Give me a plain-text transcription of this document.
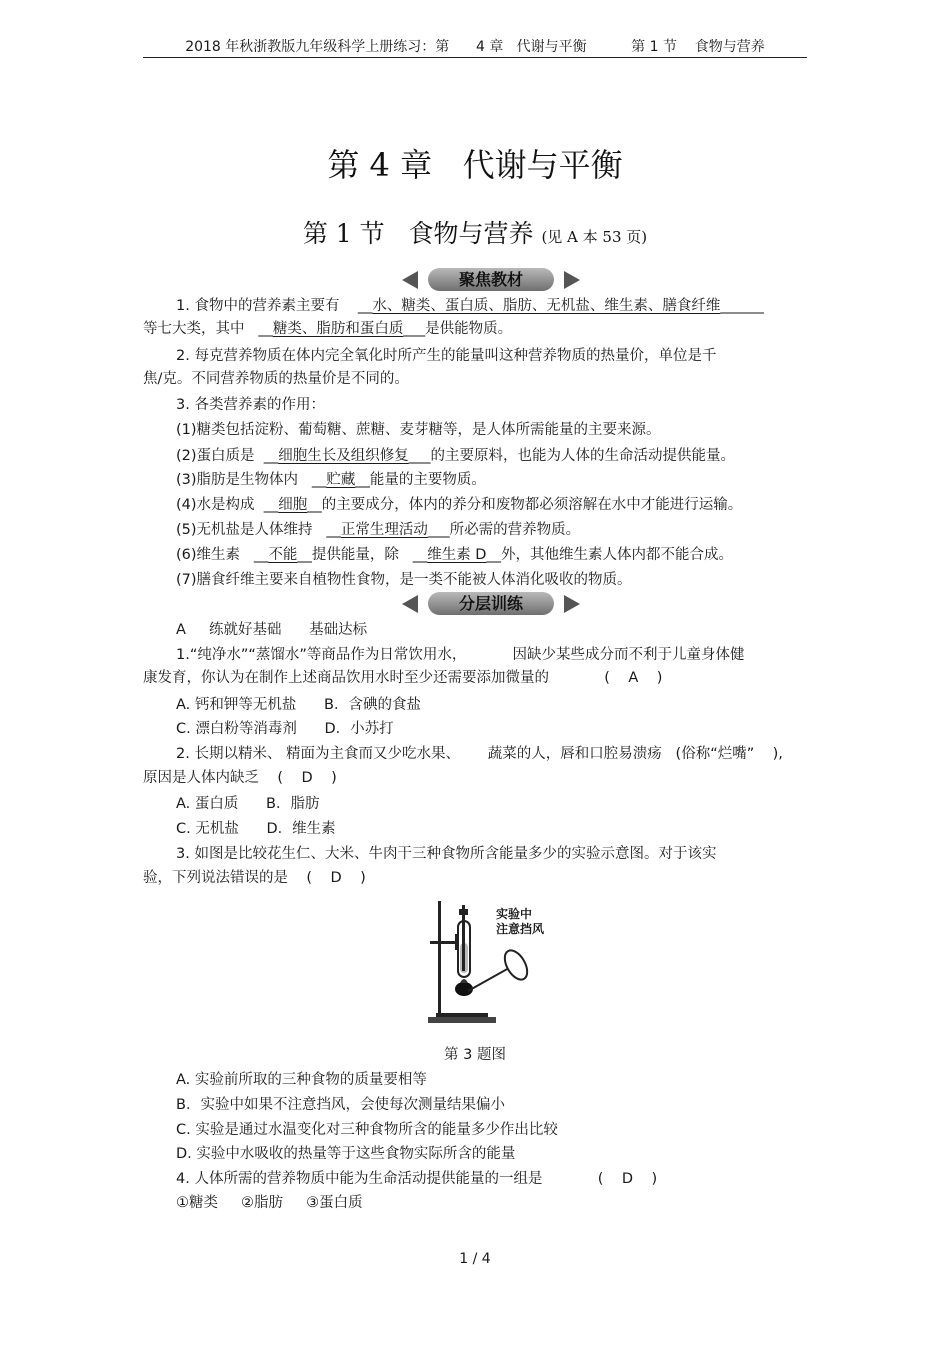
2018 年秋浙教版九年级科学上册练习：第      4 章   代谢与平衡          第 1 节    食物与营养
第 4 章   代谢与平衡
第 1 节   食物与营养 (见 A 本 53 页)
聚焦教材
1. 食物中的营养素主要有    __水、糖类、蛋白质、脂肪、无机盐、维生素、膳食纤维______
等七大类，其中   __糖类、脂肪和蛋白质___是供能物质。
2. 每克营养物质在体内完全氧化时所产生的能量叫这种营养物质的热量价，单位是千
焦/克。不同营养物质的热量价是不同的。
3. 各类营养素的作用：
(1)糖类包括淀粉、葡萄糖、蔗糖、麦芽糖等，是人体所需能量的主要来源。
(2)蛋白质是  __细胞生长及组织修复___的主要原料，也能为人体的生命活动提供能量。
(3)脂肪是生物体内   __贮藏__能量的主要物质。
(4)水是构成  __细胞__的主要成分，体内的养分和废物都必须溶解在水中才能进行运输。
(5)无机盐是人体维持   __正常生理活动___所必需的营养物质。
(6)维生素   __不能__提供能量，除   __维生素 D__外，其他维生素人体内都不能合成。
(7)膳食纤维主要来自植物性食物，是一类不能被人体消化吸收的物质。
分层训练
A     练就好基础      基础达标
1.“纯净水”“蒸馏水”等商品作为日常饮用水，          因缺少某些成分而不利于儿童身体健
康发育，你认为在制作上述商品饮用水时至少还需要添加微量的            (    A    )
A. 钙和钾等无机盐      B．含碘的食盐
C. 漂白粉等消毒剂      D．小苏打
2. 长期以精米、 精面为主食而又少吃水果、      蔬菜的人，唇和口腔易溃疡   (俗称“烂嘴”    ),
原因是人体内缺乏    (    D    )
A. 蛋白质      B．脂肪
C. 无机盐      D．维生素
3. 如图是比较花生仁、大米、牛肉干三种食物所含能量多少的实验示意图。对于该实
验，下列说法错误的是    (    D    )
实验中
注意挡风
第 3 题图
A. 实验前所取的三种食物的质量要相等
B．实验中如果不注意挡风，会使每次测量结果偏小
C. 实验是通过水温变化对三种食物所含的能量多少作出比较
D. 实验中水吸收的热量等于这些食物实际所含的能量
4. 人体所需的营养物质中能为生命活动提供能量的一组是            (    D    )
①糖类     ②脂肪     ③蛋白质
1 / 4
